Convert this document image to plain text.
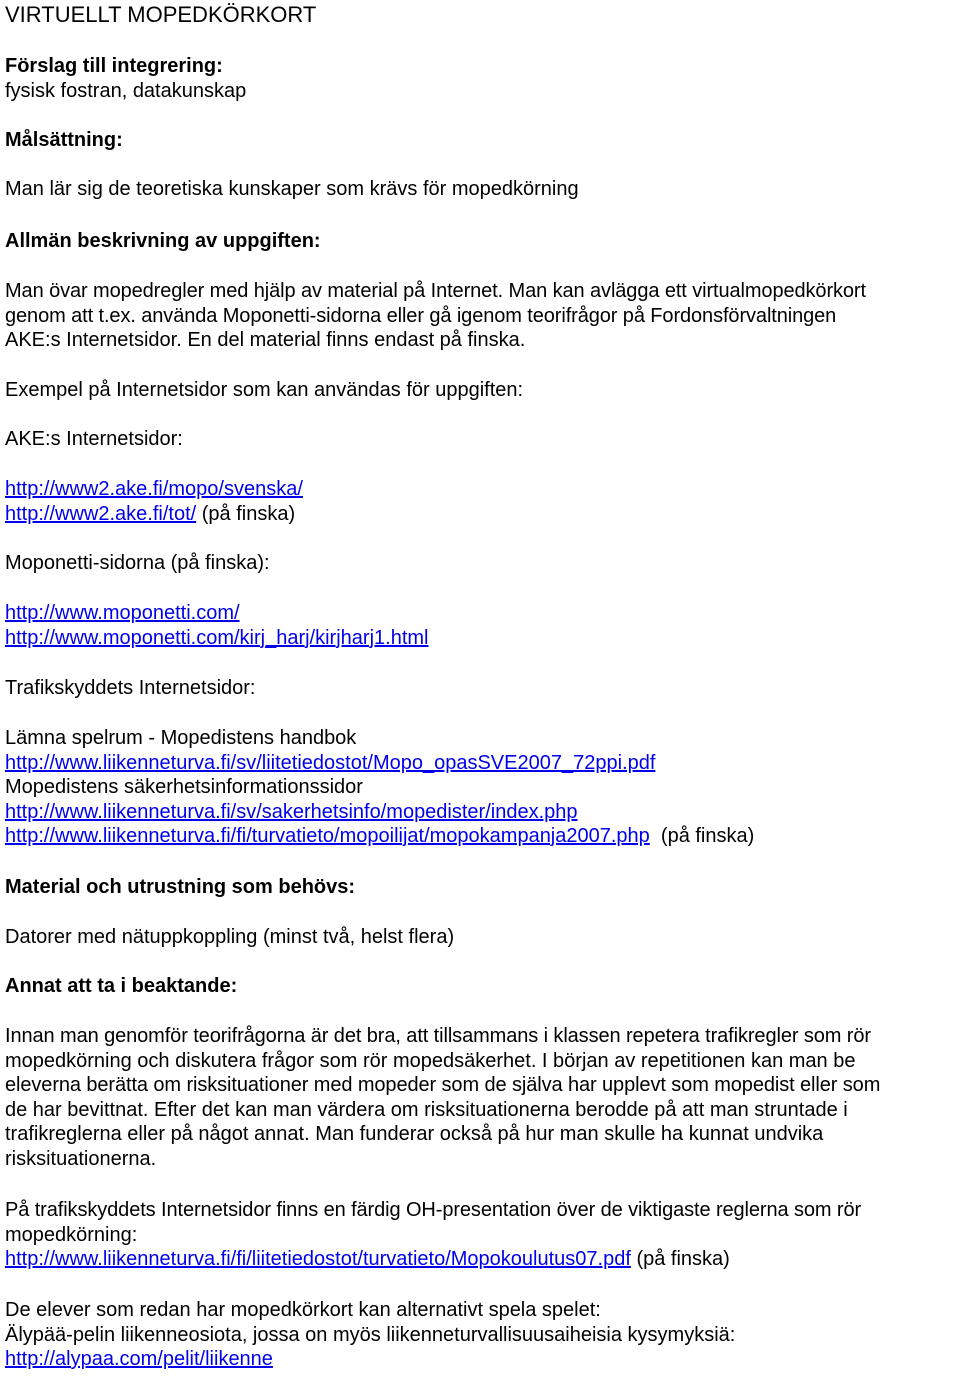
VIRTUELLT MOPEDKÖRKORT
Förslag till integrering:
fysisk fostran, datakunskap
Målsättning:
Man lär sig de teoretiska kunskaper som krävs för mopedkörning
Allmän beskrivning av uppgiften:
Man övar mopedregler med hjälp av material på Internet. Man kan avlägga ett virtualmopedkörkort
genom att t.ex. använda Moponetti-sidorna eller gå igenom teorifrågor på Fordonsförvaltningen
AKE:s Internetsidor. En del material finns endast på finska.
Exempel på Internetsidor som kan användas för uppgiften:
AKE:s Internetsidor:
http://www2.ake.fi/mopo/svenska/
http://www2.ake.fi/tot/ (på finska)
Moponetti-sidorna (på finska):
http://www.moponetti.com/
http://www.moponetti.com/kirj_harj/kirjharj1.html
Trafikskyddets Internetsidor:
Lämna spelrum - Mopedistens handbok
http://www.liikenneturva.fi/sv/liitetiedostot/Mopo_opasSVE2007_72ppi.pdf
Mopedistens säkerhetsinformationssidor
http://www.liikenneturva.fi/sv/sakerhetsinfo/mopedister/index.php
http://www.liikenneturva.fi/fi/turvatieto/mopoilijat/mopokampanja2007.php  (på finska)
Material och utrustning som behövs:
Datorer med nätuppkoppling (minst två, helst flera)
Annat att ta i beaktande:
Innan man genomför teorifrågorna är det bra, att tillsammans i klassen repetera trafikregler som rör
mopedkörning och diskutera frågor som rör mopedsäkerhet. I början av repetitionen kan man be
eleverna berätta om risksituationer med mopeder som de själva har upplevt som mopedist eller som
de har bevittnat. Efter det kan man värdera om risksituationerna berodde på att man struntade i
trafikreglerna eller på något annat. Man funderar också på hur man skulle ha kunnat undvika
risksituationerna.
På trafikskyddets Internetsidor finns en färdig OH-presentation över de viktigaste reglerna som rör
mopedkörning:
http://www.liikenneturva.fi/fi/liitetiedostot/turvatieto/Mopokoulutus07.pdf (på finska)
De elever som redan har mopedkörkort kan alternativt spela spelet:
Älypää-pelin liikenneosiota, jossa on myös liikenneturvallisuusaiheisia kysymyksiä:
http://alypaa.com/pelit/liikenne
